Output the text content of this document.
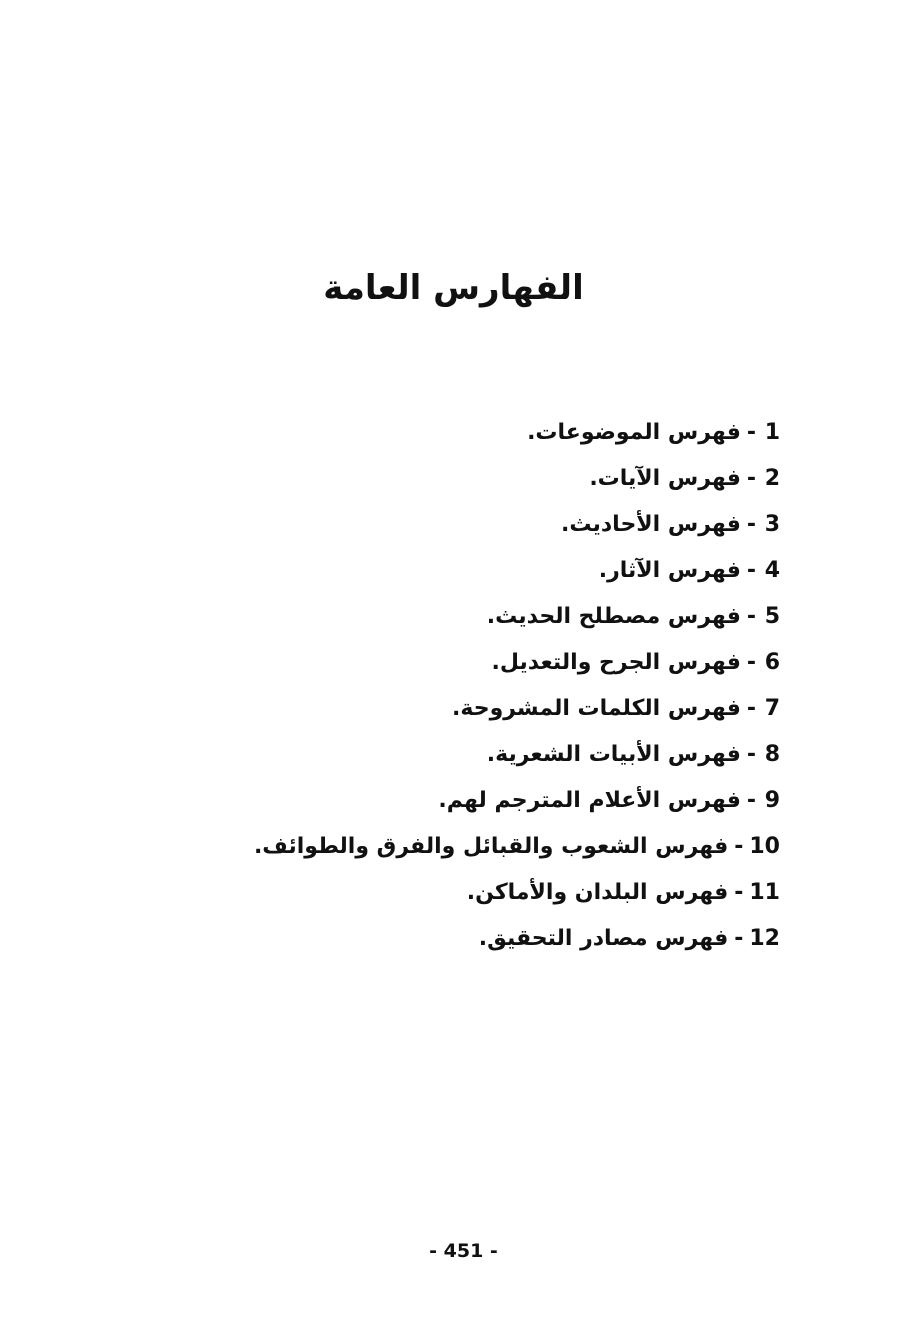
الفهارس العامة
1-فهرس الموضوعات.
2-فهرس الآيات.
3-فهرس الأحاديث.
4-فهرس الآثار.
5-فهرس مصطلح الحديث.
6-فهرس الجرح والتعديل.
7-فهرس الكلمات المشروحة.
8-فهرس الأبيات الشعرية.
9-فهرس الأعلام المترجم لهم.
10-فهرس الشعوب والقبائل والفرق والطوائف.
11-فهرس البلدان والأماكن.
12-فهرس مصادر التحقيق.
- 451 -
